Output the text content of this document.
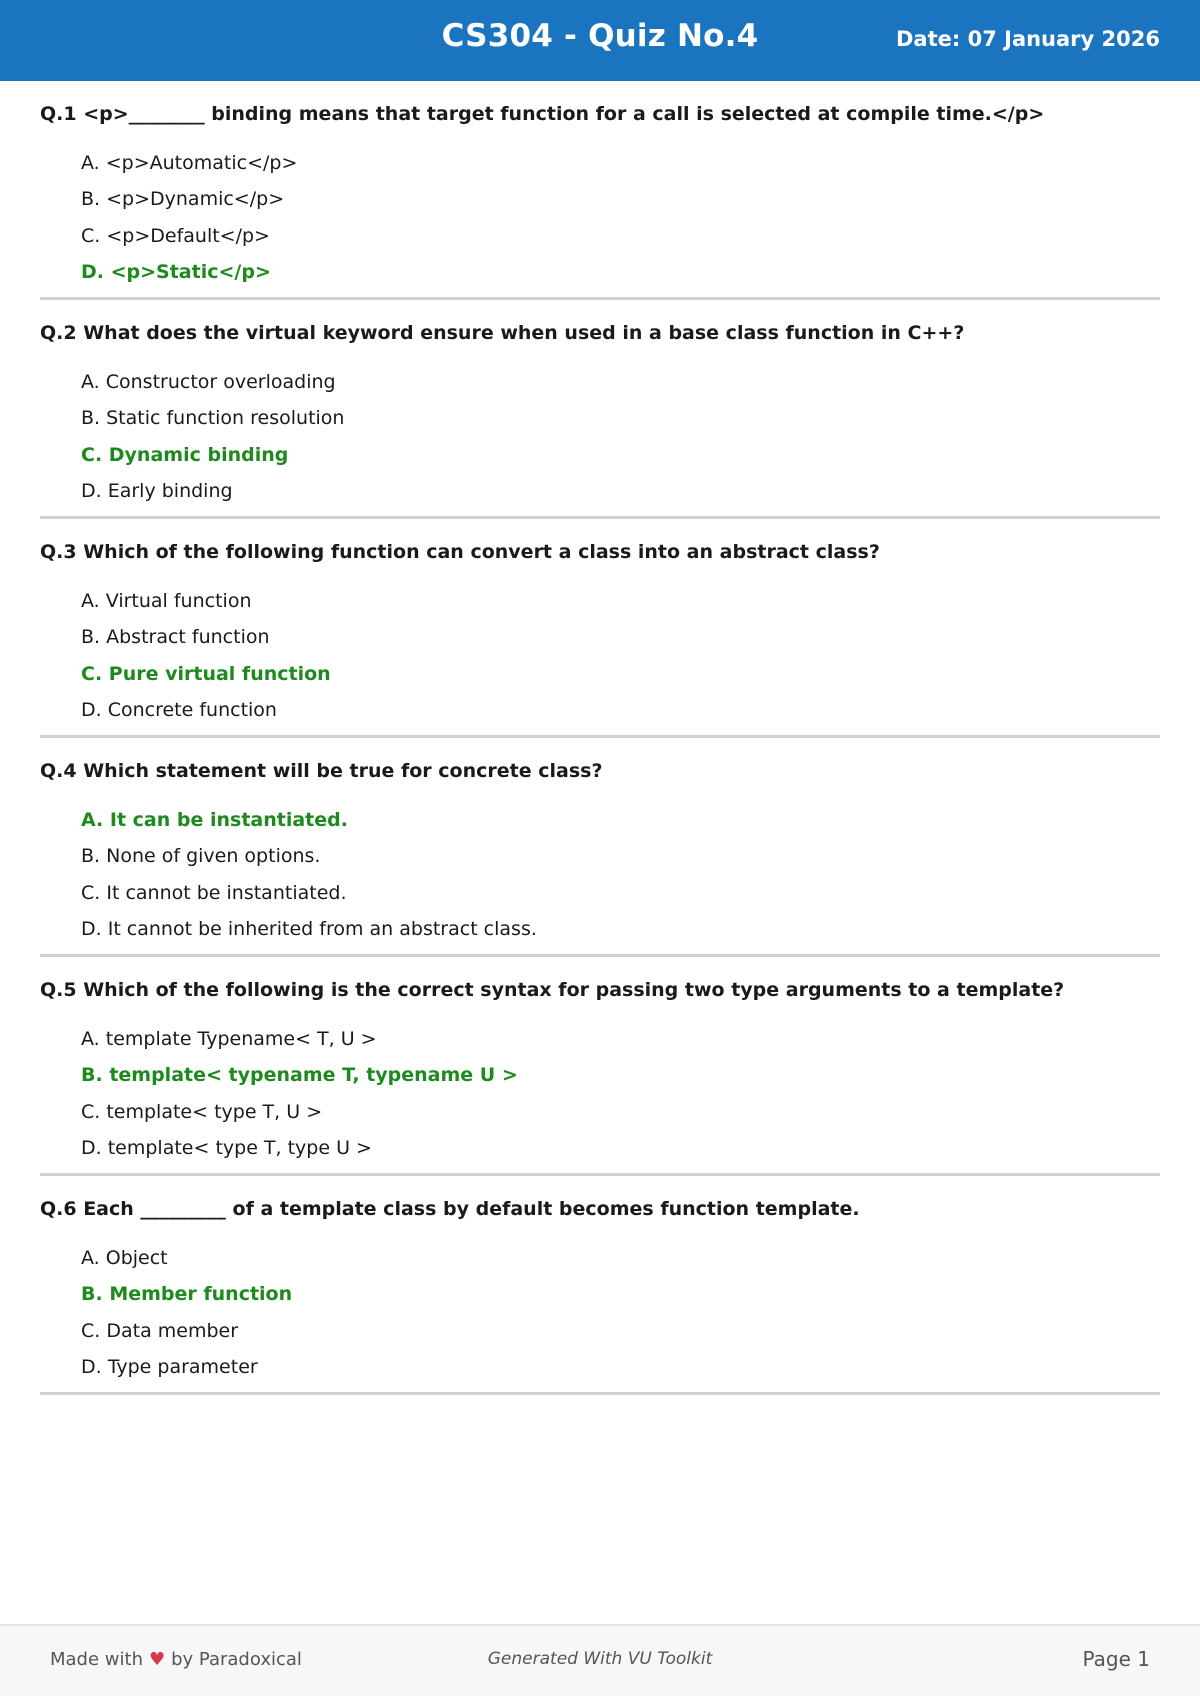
CS304 - Quiz No.4	Date: 07 January 2026
Q.1 <p>________ binding means that target function for a call is selected at compile time.</p>
A. <p>Automatic</p>
B. <p>Dynamic</p>
C. <p>Default</p>
D. <p>Static</p>
Q.2 What does the virtual keyword ensure when used in a base class function in C++?
A. Constructor overloading
B. Static function resolution
C. Dynamic binding
D. Early binding
Q.3 Which of the following function can convert a class into an abstract class?
A. Virtual function
B. Abstract function
C. Pure virtual function
D. Concrete function
Q.4 Which statement will be true for concrete class?
A. It can be instantiated.
B. None of given options.
C. It cannot be instantiated.
D. It cannot be inherited from an abstract class.
Q.5 Which of the following is the correct syntax for passing two type arguments to a template?
A. template Typename< T, U >
B. template< typename T, typename U >
C. template< type T, U >
D. template< type T, type U >
Q.6 Each _________ of a template class by default becomes function template.
A. Object
B. Member function
C. Data member
D. Type parameter
Made with ♥ by Paradoxical	Generated With VU Toolkit	Page 1
